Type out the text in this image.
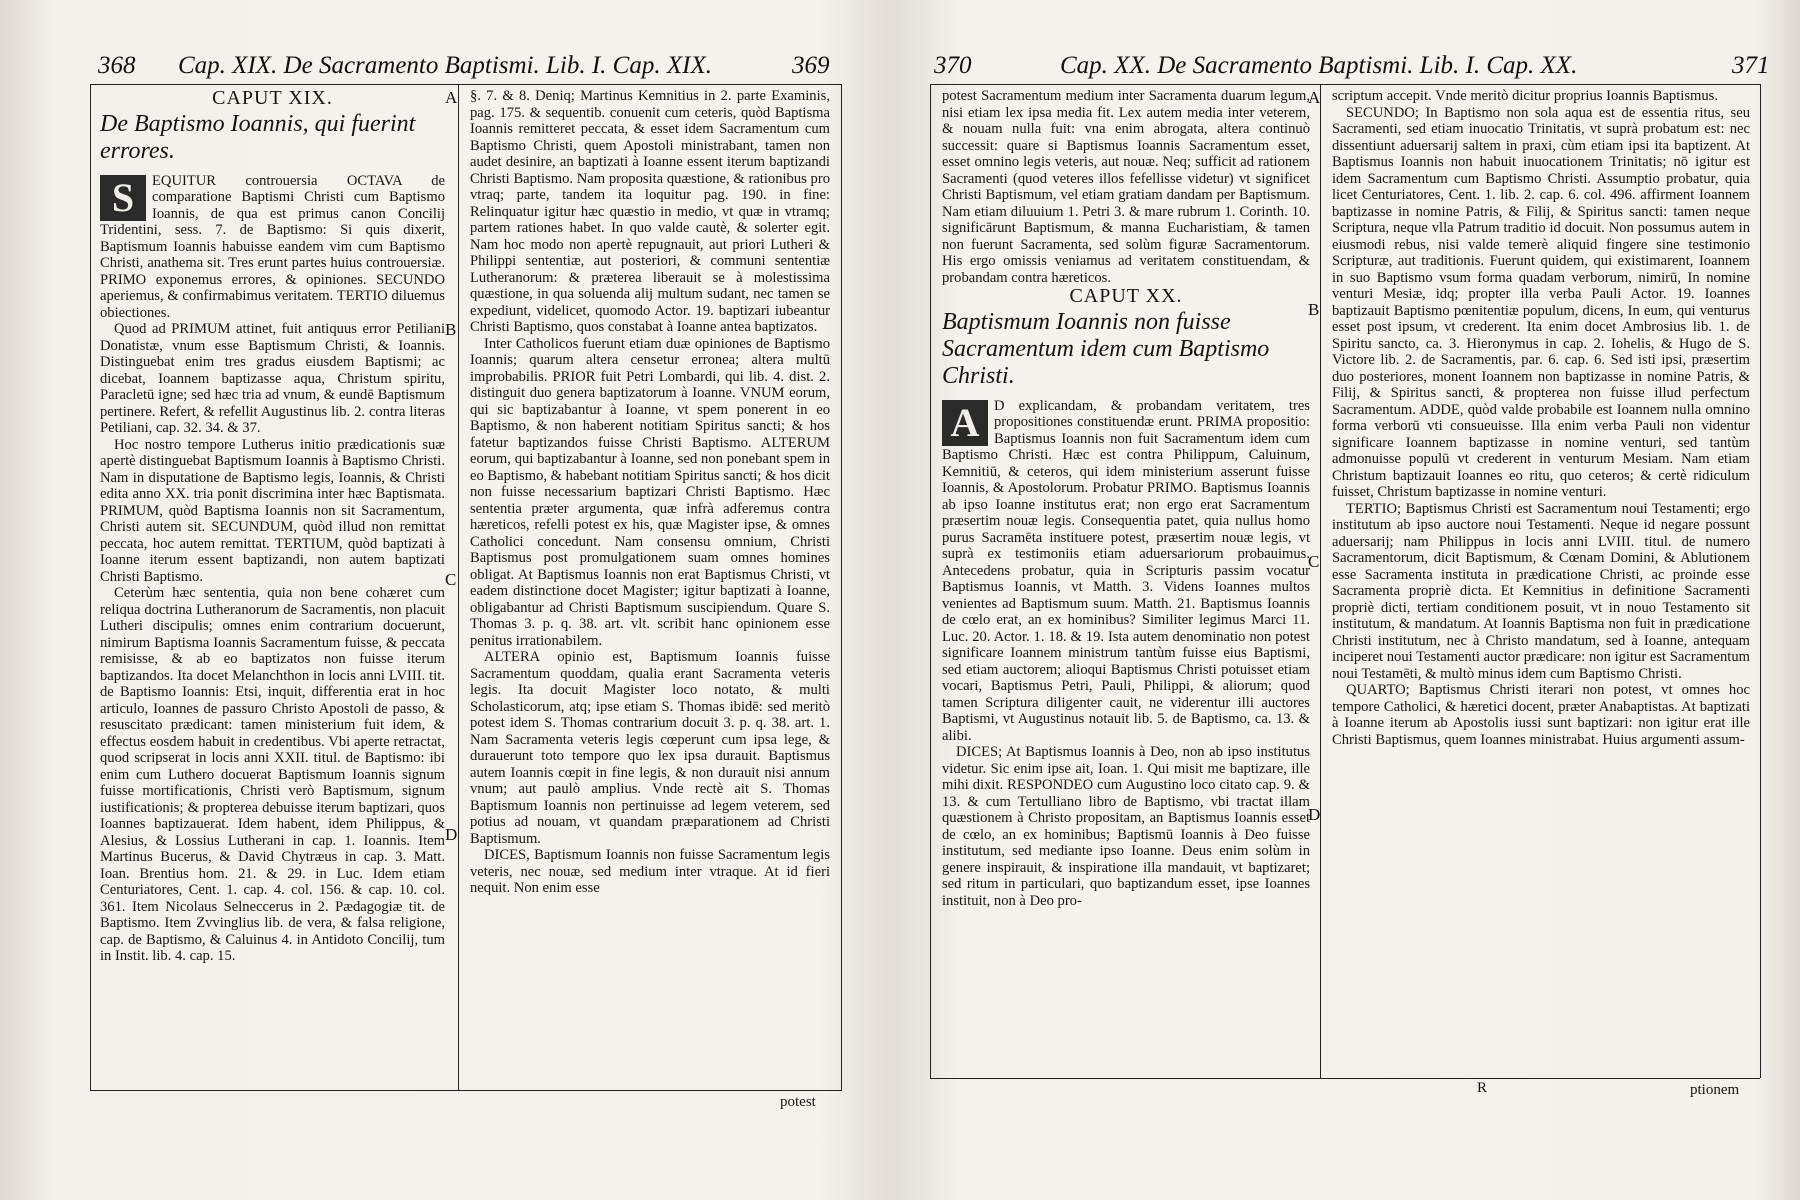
368 Cap. XIX. De Sacramento Baptismi. Lib. I. Cap. XIX.	369
CAPUT XIX.
De Baptismo Ioannis, qui fuerint errores.
S	EQUITUR controuersia OCTAVA de comparatione Baptismi Christi cum Baptismo Ioannis, de qua est primus canon Concilij Tridentini, sess. 7. de Baptismo: Si quis dixerit, Baptismum Ioannis habuisse eandem vim cum Baptismo Christi, anathema sit. Tres erunt partes huius controuersiæ. PRIMO exponemus errores, & opiniones. SECUNDO aperiemus, & confirmabimus veritatem. TERTIO diluemus obiectiones.

Quod ad PRIMUM attinet, fuit antiquus error Petiliani Donatistæ, vnum esse Baptismum Christi, & Ioannis. Distinguebat enim tres gradus eiusdem Baptismi; ac dicebat, Ioannem baptizasse aqua, Christum spiritu, Paracletū igne; sed hæc tria ad vnum, & eundē Baptismum pertinere. Refert, & refellit Augustinus lib. 2. contra literas Petiliani, cap. 32. 34. & 37.

Hoc nostro tempore Lutherus initio prædicationis suæ apertè distinguebat Baptismum Ioannis à Baptismo Christi. Nam in disputatione de Baptismo legis, Ioannis, & Christi edita anno XX. tria ponit discrimina inter hæc Baptismata. PRIMUM, quòd Baptisma Ioannis non sit Sacramentum, Christi autem sit. SECUNDUM, quòd illud non remittat peccata, hoc autem remittat. TERTIUM, quòd baptizati à Ioanne iterum essent baptizandi, non autem baptizati Christi Baptismo.

Ceterùm hæc sententia, quia non bene cohæret cum reliqua doctrina Lutheranorum de Sacramentis, non placuit Lutheri discipulis; omnes enim contrarium docuerunt, nimirum Baptisma Ioannis Sacramentum fuisse, & peccata remisisse, & ab eo baptizatos non fuisse iterum baptizandos. Ita docet Melanchthon in locis anni LVIII. tit. de Baptismo Ioannis: Etsi, inquit, differentia erat in hoc articulo, Ioannes de passuro Christo Apostoli de passo, & resuscitato prædicant: tamen ministerium fuit idem, & effectus eosdem habuit in credentibus. Vbi aperte retractat, quod scripserat in locis anni XXII. titul. de Baptismo: ibi enim cum Luthero docuerat Baptismum Ioannis signum fuisse mortificationis, Christi verò Baptismum, signum iustificationis; & propterea debuisse iterum baptizari, quos Ioannes baptizauerat. Idem habent, idem Philippus, & Alesius, & Lossius Lutherani in cap. 1. Ioannis. Item Martinus Bucerus, & David Chytræus in cap. 3. Matt. Ioan. Brentius hom. 21. & 29. in Luc. Idem etiam Centuriatores, Cent. 1. cap. 4. col. 156. & cap. 10. col. 361. Item Nicolaus Selneccerus in 2. Pædagogiæ tit. de Baptismo. Item Zvvinglius lib. de vera, & falsa religione, cap. de Baptismo, & Caluinus 4. in Antidoto Concilij, tum in Instit. lib. 4. cap. 15.

A
B
C
D

§. 7. & 8. Deniq; Martinus Kemnitius in 2. parte Examinis, pag. 175. & sequentib. conuenit cum ceteris, quòd Baptisma Ioannis remitteret peccata, & esset idem Sacramentum cum Baptismo Christi, quem Apostoli ministrabant, tamen non audet desinire, an baptizati à Ioanne essent iterum baptizandi Christi Baptismo. Nam proposita quæstione, & rationibus pro vtraq; parte, tandem ita loquitur pag. 190. in fine: Relinquatur igitur hæc quæstio in medio, vt quæ in vtramq; partem rationes habet. In quo valde cautè, & solerter egit. Nam hoc modo non apertè repugnauit, aut priori Lutheri & Philippi sententiæ, aut posteriori, & communi sententiæ Lutheranorum: & præterea liberauit se à molestissima quæstione, in qua soluenda alij multum sudant, nec tamen se expediunt, videlicet, quomodo Actor. 19. baptizari iubeantur Christi Baptismo, quos constabat à Ioanne antea baptizatos.

Inter Catholicos fuerunt etiam duæ opiniones de Baptismo Ioannis; quarum altera censetur erronea; altera multū improbabilis. PRIOR fuit Petri Lombardi, qui lib. 4. dist. 2. distinguit duo genera baptizatorum à Ioanne. VNUM eorum, qui sic baptizabantur à Ioanne, vt spem ponerent in eo Baptismo, & non haberent notitiam Spiritus sancti; & hos fatetur baptizandos fuisse Christi Baptismo. ALTERUM eorum, qui baptizabantur à Ioanne, sed non ponebant spem in eo Baptismo, & habebant notitiam Spiritus sancti; & hos dicit non fuisse necessarium baptizari Christi Baptismo. Hæc sententia præter argumenta, quæ infrà adferemus contra hæreticos, refelli potest ex his, quæ Magister ipse, & omnes Catholici concedunt. Nam consensu omnium, Christi Baptismus post promulgationem suam omnes homines obligat. At Baptismus Ioannis non erat Baptismus Christi, vt eadem distinctione docet Magister; igitur baptizati à Ioanne, obligabantur ad Christi Baptismum suscipiendum. Quare S. Thomas 3. p. q. 38. art. vlt. scribit hanc opinionem esse penitus irrationabilem.

ALTERA opinio est, Baptismum Ioannis fuisse Sacramentum quoddam, qualia erant Sacramenta veteris legis. Ita docuit Magister loco notato, & multi Scholasticorum, atq; ipse etiam S. Thomas ibidē: sed meritò potest idem S. Thomas contrarium docuit 3. p. q. 38. art. 1. Nam Sacramenta veteris legis cœperunt cum ipsa lege, & durauerunt toto tempore quo lex ipsa durauit. Baptismus autem Ioannis cœpit in fine legis, & non durauit nisi annum vnum; aut paulò amplius. Vnde rectè ait S. Thomas Baptismum Ioannis non pertinuisse ad legem veterem, sed potius ad nouam, vt quandam præparationem ad Christi Baptismum.

DICES, Baptismum Ioannis non fuisse Sacramentum legis veteris, nec nouæ, sed medium inter vtraque. At id fieri nequit. Non enim esse

potest
370	Cap. XX. De Sacramento Baptismi. Lib. I. Cap. XX.	371

potest Sacramentum medium inter Sacramenta duarum legum, nisi etiam lex ipsa media fit. Lex autem media inter veterem, & nouam nulla fuit: vna enim abrogata, altera continuò successit: quare si Baptismus Ioannis Sacramentum esset, esset omnino legis veteris, aut nouæ. Neq; sufficit ad rationem Sacramenti (quod veteres illos fefellisse videtur) vt significet Christi Baptismum, vel etiam gratiam dandam per Baptismum. Nam etiam diluuium 1. Petri 3. & mare rubrum 1. Corinth. 10. significārunt Baptismum, & manna Eucharistiam, & tamen non fuerunt Sacramenta, sed solùm figuræ Sacramentorum. His ergo omissis veniamus ad veritatem constituendam, & probandam contra hæreticos.

CAPUT XX.
Baptismum Ioannis non fuisse Sacramentum idem cum Baptismo Christi.
A D explicandam, & probandam veritatem, tres propositiones constituendæ erunt. PRIMA propositio: Baptismus Ioannis non fuit Sacramentum idem cum Baptismo Christi. Hæc est contra Philippum, Caluinum, Kemnitiū, & ceteros, qui idem ministerium asserunt fuisse Ioannis, & Apostolorum. Probatur PRIMO. Baptismus Ioannis ab ipso Ioanne institutus erat; non ergo erat Sacramentum præsertim nouæ legis. Consequentia patet, quia nullus homo purus Sacramēta instituere potest, præsertim nouæ legis, vt suprà ex testimoniis etiam aduersariorum probauimus. Antecedens probatur, quia in Scripturis passim vocatur Baptismus Ioannis, vt Matth. 3. Videns Ioannes multos venientes ad Baptismum suum. Matth. 21. Baptismus Ioannis de cœlo erat, an ex hominibus? Similiter legimus Marci 11. Luc. 20. Actor. 1. 18. & 19. Ista autem denominatio non potest significare Ioannem ministrum tantùm fuisse eius Baptismi, sed etiam auctorem; alioqui Baptismus Christi potuisset etiam vocari, Baptismus Petri, Pauli, Philippi, & aliorum; quod tamen Scriptura diligenter cauit, ne viderentur illi auctores Baptismi, vt Augustinus notauit lib. 5. de Baptismo, ca. 13. & alibi.

DICES; At Baptismus Ioannis à Deo, non ab ipso institutus videtur. Sic enim ipse ait, Ioan. 1. Qui misit me baptizare, ille mihi dixit. RESPONDEO cum Augustino loco citato cap. 9. & 13. & cum Tertulliano libro de Baptismo, vbi tractat illam quæstionem à Christo propositam, an Baptismus Ioannis esset de cœlo, an ex hominibus; Baptismū Ioannis à Deo fuisse institutum, sed mediante ipso Ioanne. Deus enim solùm in genere inspirauit, & inspiratione illa mandauit, vt baptizaret; sed ritum in particulari, quo baptizandum esset, ipse Ioannes instituit, non à Deo pro-

A
B
C
D

scriptum accepit. Vnde meritò dicitur proprius Ioannis Baptismus.

SECUNDO; In Baptismo non sola aqua est de essentia ritus, seu Sacramenti, sed etiam inuocatio Trinitatis, vt suprà probatum est: nec dissentiunt aduersarij saltem in praxi, cùm etiam ipsi ita baptizent. At Baptismus Ioannis non habuit inuocationem Trinitatis; nō igitur est idem Sacramentum cum Baptismo Christi. Assumptio probatur, quia licet Centuriatores, Cent. 1. lib. 2. cap. 6. col. 496. affirment Ioannem baptizasse in nomine Patris, & Filij, & Spiritus sancti: tamen neque Scriptura, neque vlla Patrum traditio id docuit. Non possumus autem in eiusmodi rebus, nisi valde temerè aliquid fingere sine testimonio Scripturæ, aut traditionis. Fuerunt quidem, qui existimarent, Ioannem in suo Baptismo vsum forma quadam verborum, nimirū, In nomine venturi Mesiæ, idq; propter illa verba Pauli Actor. 19. Ioannes baptizauit Baptismo pœnitentiæ populum, dicens, In eum, qui venturus esset post ipsum, vt crederent. Ita enim docet Ambrosius lib. 1. de Spiritu sancto, ca. 3. Hieronymus in cap. 2. Iohelis, & Hugo de S. Victore lib. 2. de Sacramentis, par. 6. cap. 6. Sed isti ipsi, præsertim duo posteriores, monent Ioannem non baptizasse in nomine Patris, & Filij, & Spiritus sancti, & propterea non fuisse illud perfectum Sacramentum. ADDE, quòd valde probabile est Ioannem nulla omnino forma verborū vti consueuisse. Illa enim verba Pauli non videntur significare Ioannem baptizasse in nomine venturi, sed tantùm admonuisse populū vt crederent in venturum Mesiam. Nam etiam Christum baptizauit Ioannes eo ritu, quo ceteros; & certè ridiculum fuisset, Christum baptizasse in nomine venturi.

TERTIO; Baptismus Christi est Sacramentum noui Testamenti; ergo institutum ab ipso auctore noui Testamenti. Neque id negare possunt aduersarij; nam Philippus in locis anni LVIII. titul. de numero Sacramentorum, dicit Baptismum, & Cœnam Domini, & Ablutionem esse Sacramenta instituta in prædicatione Christi, ac proinde esse Sacramenta propriè dicta. Et Kemnitius in definitione Sacramenti propriè dicti, tertiam conditionem posuit, vt in nouo Testamento sit institutum, & mandatum. At Ioannis Baptisma non fuit in prædicatione Christi institutum, nec à Christo mandatum, sed à Ioanne, antequam inciperet noui Testamenti auctor prædicare: non igitur est Sacramentum noui Testamēti, & multò minus idem cum Baptismo Christi.

QUARTO; Baptismus Christi iterari non potest, vt omnes hoc tempore Catholici, & hæretici docent, præter Anabaptistas. At baptizati à Ioanne iterum ab Apostolis iussi sunt baptizari: non igitur erat ille Christi Baptismus, quem Ioannes ministrabat. Huius argumenti assum-

R	ptionem
